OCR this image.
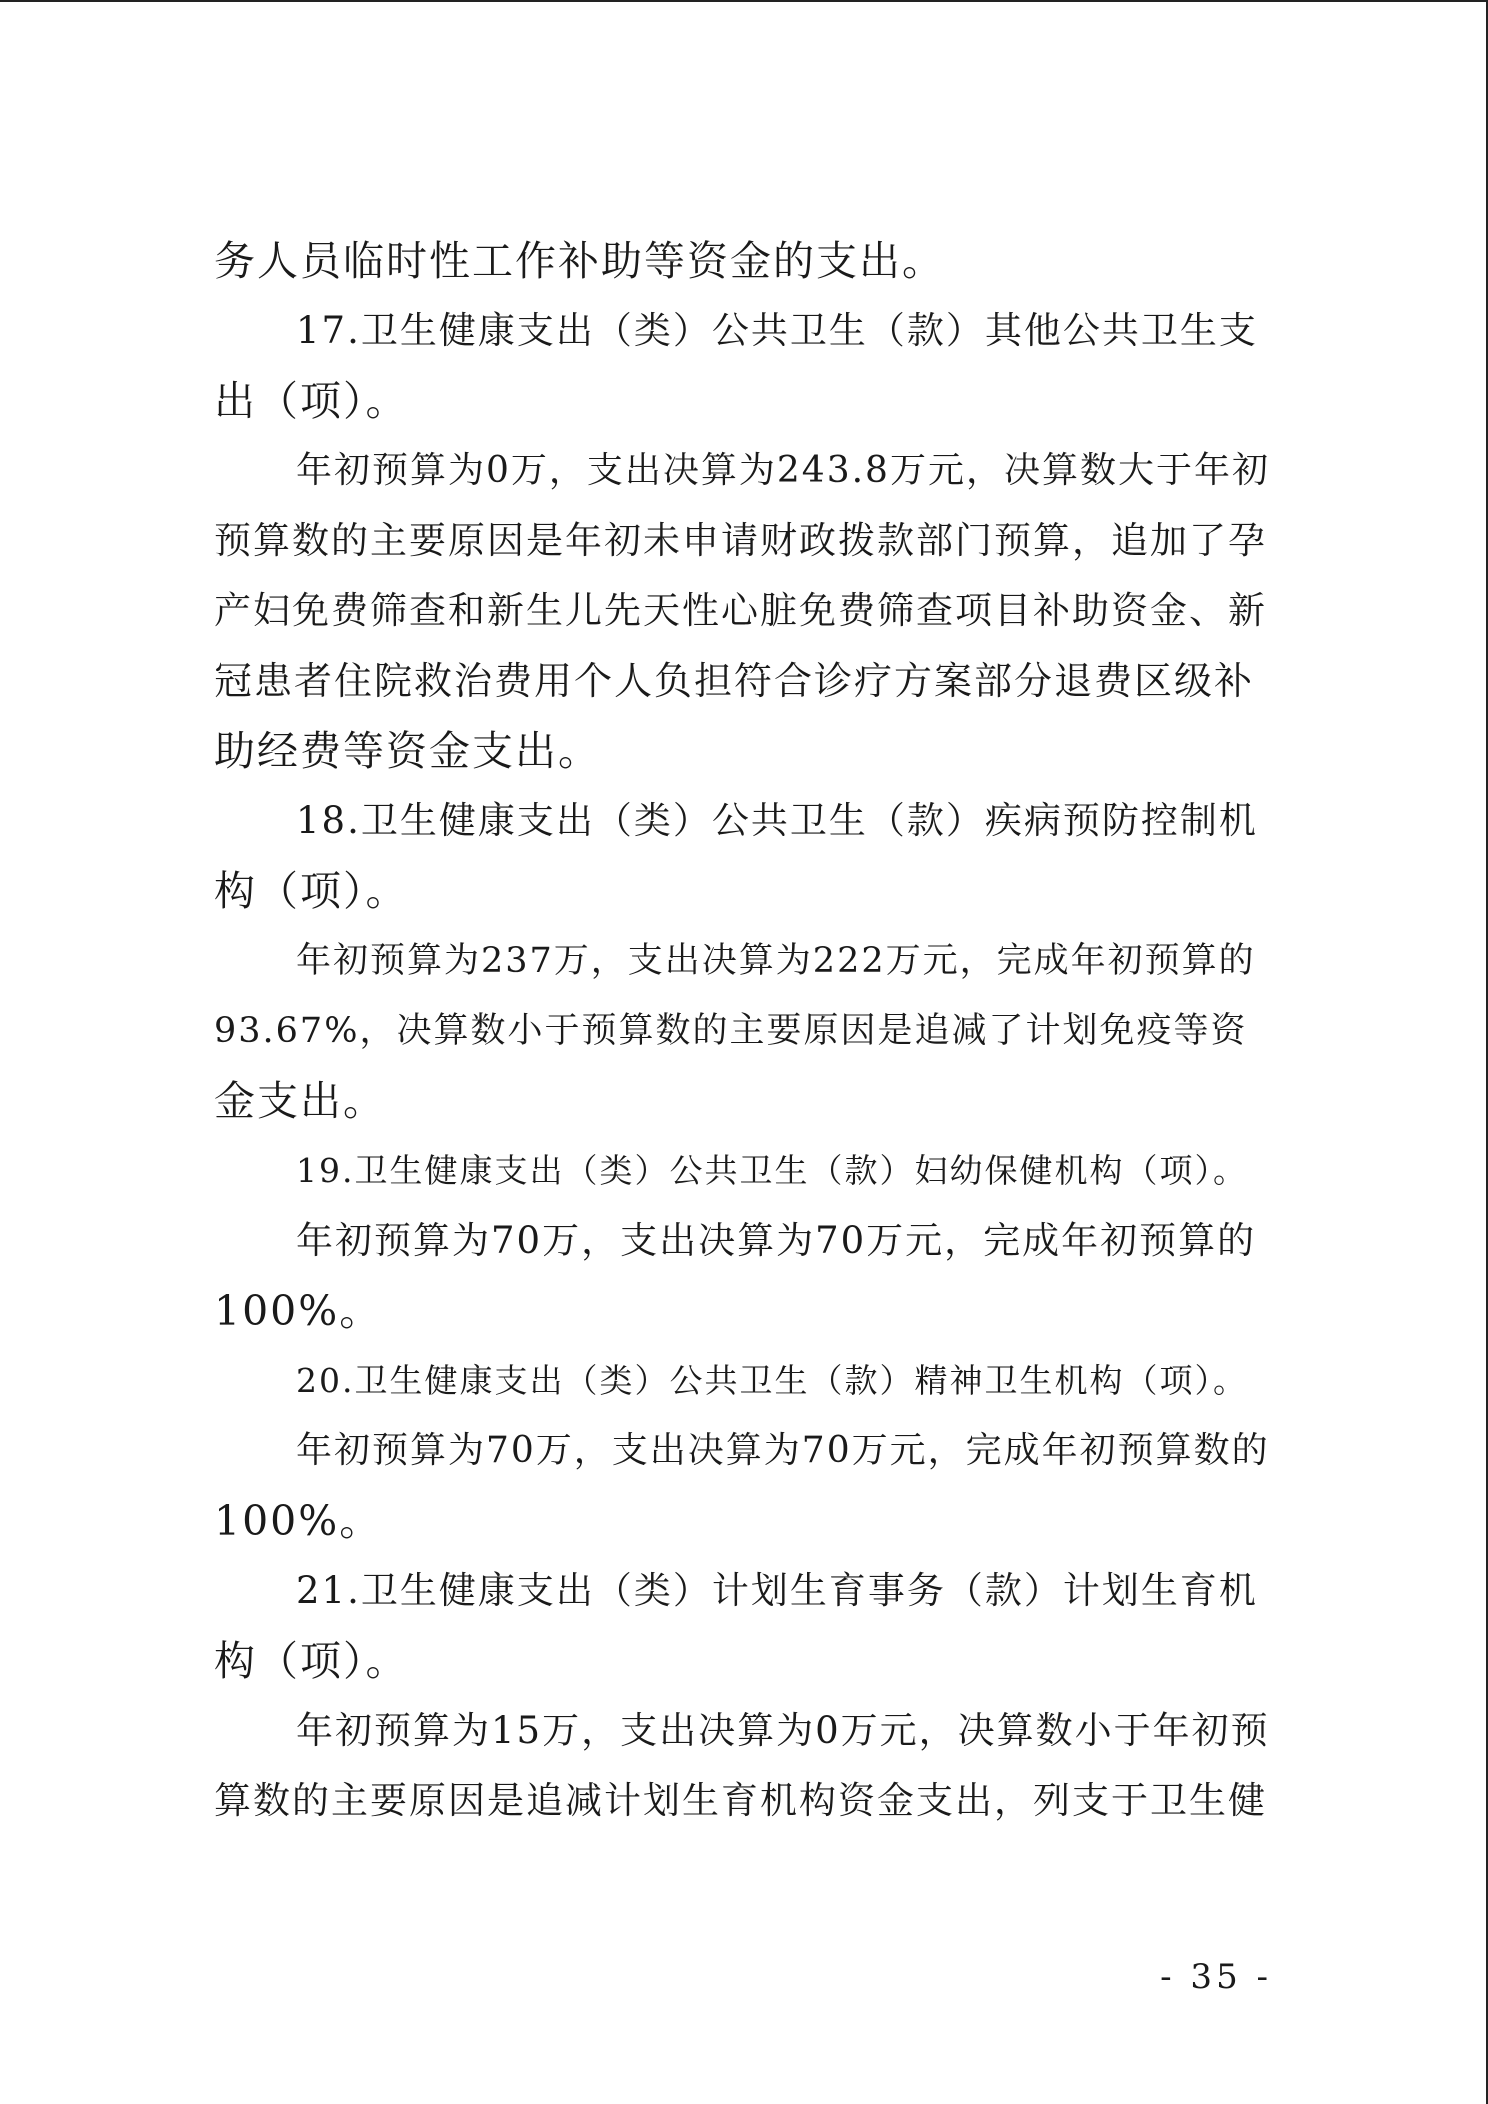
务人员临时性工作补助等资金的支出。
17.卫生健康支出（类）公共卫生（款）其他公共卫生支
出（项）。
年初预算为0万，支出决算为243.8万元，决算数大于年初
预算数的主要原因是年初未申请财政拨款部门预算，追加了孕
产妇免费筛查和新生儿先天性心脏免费筛查项目补助资金、新
冠患者住院救治费用个人负担符合诊疗方案部分退费区级补
助经费等资金支出。
18.卫生健康支出（类）公共卫生（款）疾病预防控制机
构（项）。
年初预算为237万，支出决算为222万元，完成年初预算的
93.67%，决算数小于预算数的主要原因是追减了计划免疫等资
金支出。
19.卫生健康支出（类）公共卫生（款）妇幼保健机构（项）。
年初预算为70万，支出决算为70万元，完成年初预算的
100%。
20.卫生健康支出（类）公共卫生（款）精神卫生机构（项）。
年初预算为70万，支出决算为70万元，完成年初预算数的
100%。
21.卫生健康支出（类）计划生育事务（款）计划生育机
构（项）。
年初预算为15万，支出决算为0万元，决算数小于年初预
算数的主要原因是追减计划生育机构资金支出，列支于卫生健
- 35 -
